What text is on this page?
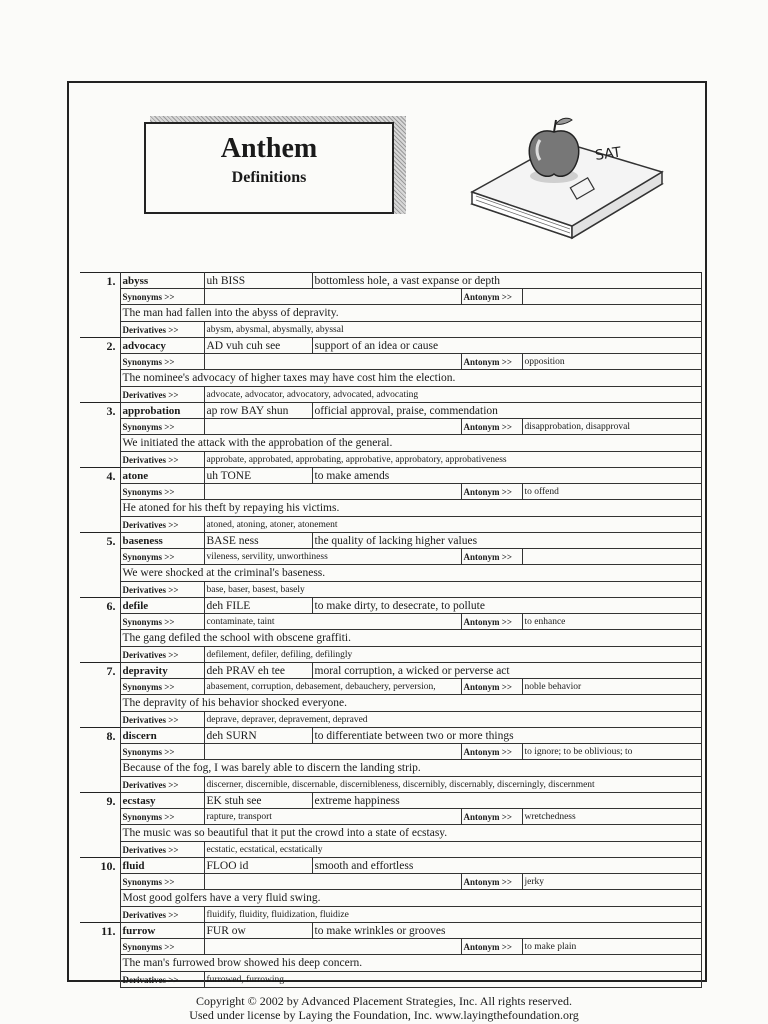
Anthem
Definitions
SAT
1.	abyss	uh BISS	bottomless hole, a vast expanse or depth		
	Synonyms >>			Antonym >>	
	The man had fallen into the abyss of depravity.				
	Derivatives >>	abysm, abysmal, abysmally, abyssal			
2.	advocacy	AD vuh cuh see	support of an idea or cause		
	Synonyms >>			Antonym >>	opposition
	The nominee's advocacy of higher taxes may have cost him the election.				
	Derivatives >>	advocate, advocator, advocatory, advocated, advocating			
3.	approbation	ap row BAY shun	official approval, praise, commendation		
	Synonyms >>			Antonym >>	disapprobation, disapproval
	We initiated the attack with the approbation of the general.				
	Derivatives >>	approbate, approbated, approbating, approbative, approbatory, approbativeness			
4.	atone	uh TONE	to make amends		
	Synonyms >>			Antonym >>	to offend
	He atoned for his theft by repaying his victims.				
	Derivatives >>	atoned, atoning, atoner, atonement			
5.	baseness	BASE ness	the quality of lacking higher values		
	Synonyms >>	vileness, servility, unworthiness		Antonym >>	
	We were shocked at the criminal's baseness.				
	Derivatives >>	base, baser, basest, basely			
6.	defile	deh FILE	to make dirty, to desecrate, to pollute		
	Synonyms >>	contaminate, taint		Antonym >>	to enhance
	The gang defiled the school with obscene graffiti.				
	Derivatives >>	defilement, defiler, defiling, defilingly			
7.	depravity	deh PRAV eh tee	moral corruption, a wicked or perverse act		
	Synonyms >>	abasement, corruption, debasement, debauchery, perversion,		Antonym >>	noble behavior
	The depravity of his behavior shocked everyone.				
	Derivatives >>	deprave, depraver, depravement, depraved			
8.	discern	deh SURN	to differentiate between two or more things		
	Synonyms >>			Antonym >>	to ignore; to be oblivious; to
	Because of the fog, I was barely able to discern the landing strip.				
	Derivatives >>	discerner, discernible, discernable, discernibleness, discernibly, discernably, discerningly, discernment			
9.	ecstasy	EK stuh see	extreme happiness		
	Synonyms >>	rapture, transport		Antonym >>	wretchedness
	The music was so beautiful that it put the crowd into a state of ecstasy.				
	Derivatives >>	ecstatic, ecstatical, ecstatically			
10.	fluid	FLOO id	smooth and effortless		
	Synonyms >>			Antonym >>	jerky
	Most good golfers have a very fluid swing.				
	Derivatives >>	fluidify, fluidity, fluidization, fluidize			
11.	furrow	FUR ow	to make wrinkles or grooves		
	Synonyms >>			Antonym >>	to make plain
	The man's furrowed brow showed his deep concern.				
	Derivatives >>	furrowed, furrowing			
Copyright © 2002 by Advanced Placement Strategies, Inc. All rights reserved.
Used under license by Laying the Foundation, Inc. www.layingthefoundation.org
